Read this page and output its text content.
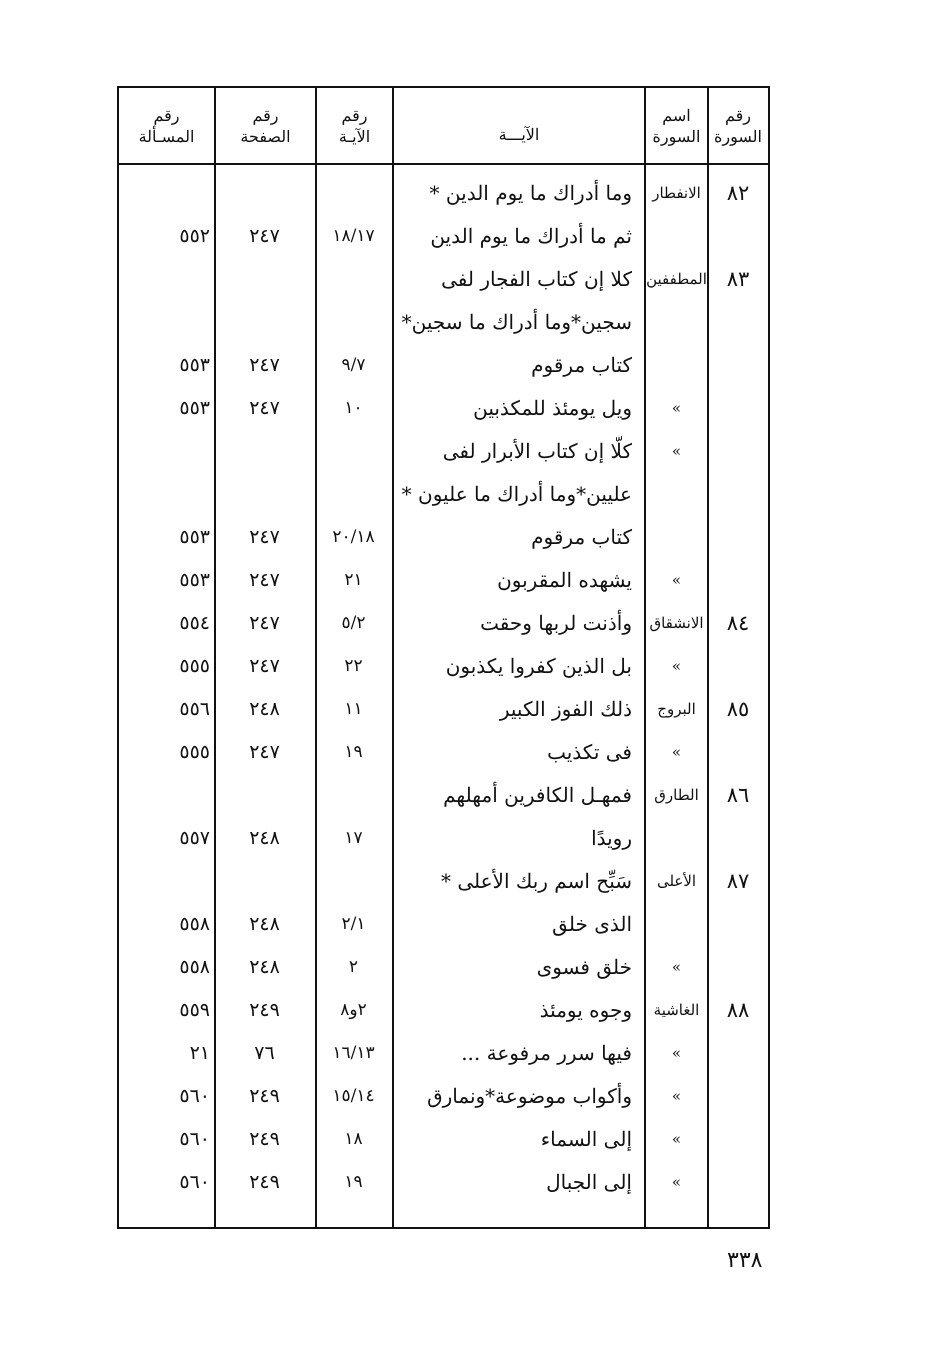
رقم
السورة
اسم
السورة
الآيـــة
رقم
الآيـة
رقم
الصفحة
رقم
المسـألة
٨٢
الانفطار
وما أدراك ما يوم الدين *
ثم ما أدراك ما يوم الدين
١٨/١٧
٢٤٧
٥٥٢
٨٣
المطففين
كلا إن كتاب الفجار لفى
سجين*وما أدراك ما سجين*
كتاب مرقوم
٩/٧
٢٤٧
٥٥٣
»
ويل يومئذ للمكذبين
١٠
٢٤٧
٥٥٣
»
كلّا إن كتاب الأبرار لفى
عليين*وما أدراك ما عليون *
كتاب مرقوم
٢٠/١٨
٢٤٧
٥٥٣
»
يشهده المقربون
٢١
٢٤٧
٥٥٣
٨٤
الانشقاق
وأذنت لربها وحقت
٥/٢
٢٤٧
٥٥٤
»
بل الذين كفروا يكذبون
٢٢
٢٤٧
٥٥٥
٨٥
البروج
ذلك الفوز الكبير
١١
٢٤٨
٥٥٦
»
فى تكذيب
١٩
٢٤٧
٥٥٥
٨٦
الطارق
فمهـل الكافرين أمهلهم
رويدًا
١٧
٢٤٨
٥٥٧
٨٧
الأعلى
سَبِّح اسم ربك الأعلى *
الذى خلق
٢/١
٢٤٨
٥٥٨
»
خلق فسوى
٢
٢٤٨
٥٥٨
٨٨
الغاشية
وجوه يومئذ
٢و٨
٢٤٩
٥٥٩
»
فيها سرر مرفوعة ...
١٦/١٣
٧٦
٢١
»
وأكواب موضوعة*ونمارق
١٥/١٤
٢٤٩
٥٦٠
»
إلى السماء
١٨
٢٤٩
٥٦٠
»
إلى الجبال
١٩
٢٤٩
٥٦٠
٣٣٨
